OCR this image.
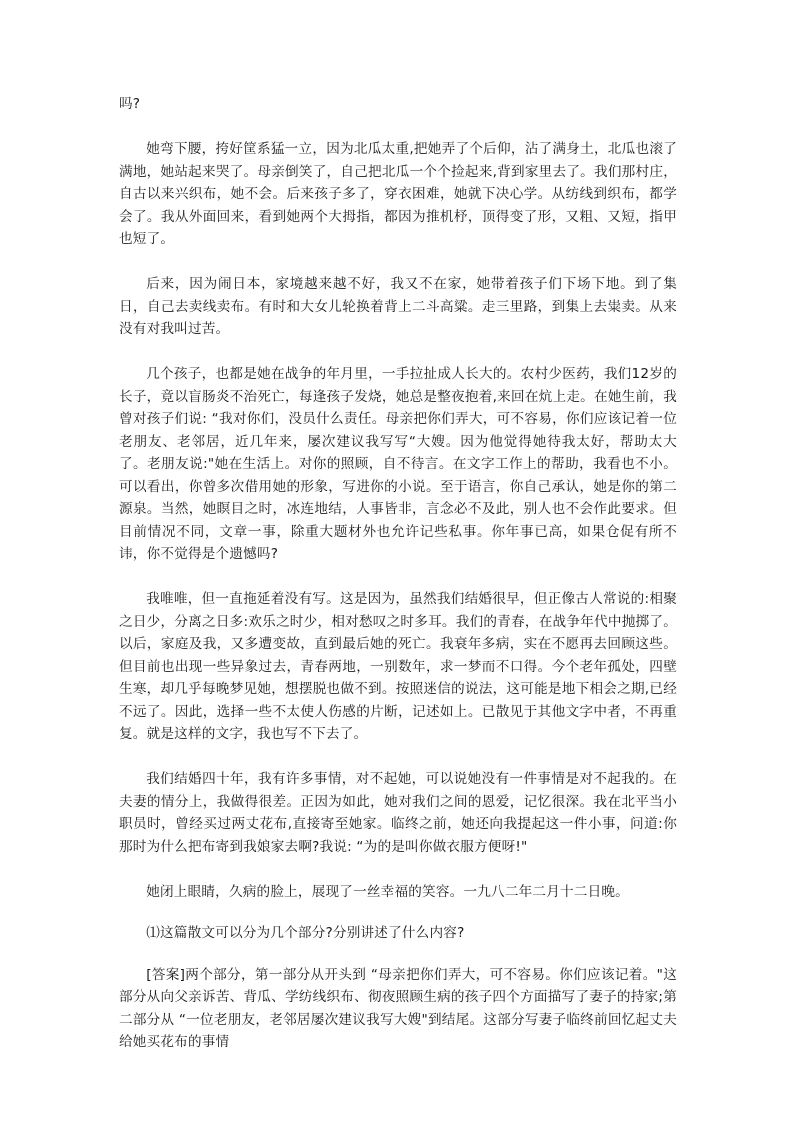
吗?

她弯下腰，挎好筐系猛一立，因为北瓜太重,把她弄了个后仰，沾了满身土，北瓜也滚了满地，她站起来哭了。母亲倒笑了，自己把北瓜一个个捡起来,背到家里去了。我们那村庄，自古以来兴织布，她不会。后来孩子多了，穿衣困难，她就下决心学。从纺线到织布，都学会了。我从外面回来，看到她两个大拇指，都因为推机杼，顶得变了形，又粗、又短，指甲也短了。

后来，因为闹日本，家境越来越不好，我又不在家，她带着孩子们下场下地。到了集日，自己去卖线卖布。有时和大女儿轮换着背上二斗高粱。走三里路，到集上去粜卖。从来没有对我叫过苦。

几个孩子，也都是她在战争的年月里，一手拉扯成人长大的。农村少医药，我们12岁的长子，竟以盲肠炎不治死亡，每逢孩子发烧，她总是整夜抱着,来回在炕上走。在她生前，我曾对孩子们说: “我对你们，没员什么责任。母亲把你们弄大，可不容易，你们应该记着一位老朋友、老邻居，近几年来，屡次建议我写写“大嫂。因为他觉得她待我太好，帮助太大了。老朋友说:"她在生活上。对你的照顾，自不待言。在文字工作上的帮助，我看也不小。可以看出，你曾多次借用她的形象，写进你的小说。至于语言，你自己承认，她是你的第二源泉。当然，她瞑目之时，冰连地结，人事皆非，言念必不及此，别人也不会作此要求。但目前情况不同，文章一事，除重大题材外也允许记些私事。你年事已高，如果仓促有所不讳，你不觉得是个遗憾吗?

我唯唯，但一直拖延着没有写。这是因为，虽然我们结婚很早，但正像古人常说的:相聚之日少，分离之日多:欢乐之时少，相对愁叹之时多耳。我们的青春，在战争年代中抛掷了。以后，家庭及我，又多遭变故，直到最后她的死亡。我衰年多病，实在不愿再去回顾这些。但目前也出现一些异象过去，青春两地，一别数年，求一梦而不口得。今个老年孤处，四壁生寒，却几乎每晚梦见她，想摆脱也做不到。按照迷信的说法，这可能是地下相会之期,已经不远了。因此，选择一些不太使人伤感的片断，记述如上。已散见于其他文字中者，不再重复。就是这样的文字，我也写不下去了。

我们结婚四十年，我有许多事情，对不起她，可以说她没有一件事情是对不起我的。在夫妻的情分上，我做得很差。正因为如此，她对我们之间的恩爱，记忆很深。我在北平当小职员时，曾经买过两丈花布,直接寄至她家。临终之前，她还向我提起这一件小事，问道:你那时为什么把布寄到我娘家去啊?我说: “为的是叫你做衣服方便呀!"

她闭上眼睛，久病的脸上，展现了一丝幸福的笑容。一九八二年二月十二日晚。

⑴这篇散文可以分为几个部分?分别讲述了什么内容?

[答案]两个部分，第一部分从开头到 “母亲把你们弄大，可不容易。你们应该记着。"这部分从向父亲诉苦、背瓜、学纺线织布、彻夜照顾生病的孩子四个方面描写了妻子的持家;第二部分从 “一位老朋友，老邻居屡次建议我写大嫂"到结尾。这部分写妻子临终前回忆起丈夫给她买花布的事情
